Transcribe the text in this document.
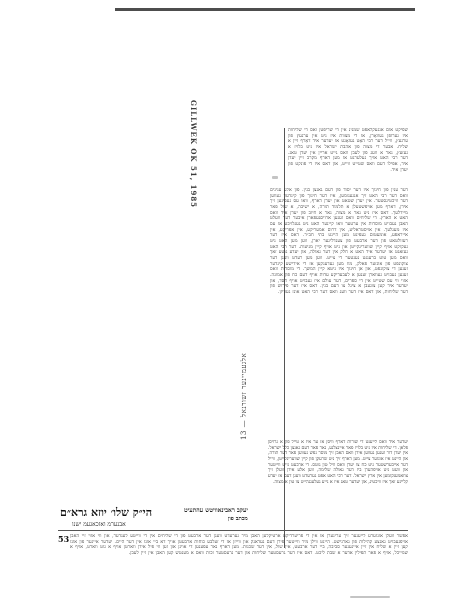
GILLWEK OK 51, 1985	שפיקט אום אנגעקלאפט שמגינ אין די שריפטן ואס די שליחות איז גערופן געוואָרן, אז די מצוות איז ניט אין ערגעץ פון ערגעץ, ווייל דער רבי האָט געזאָגט אז יעדער איד דאַרף זיין א שליח. אבער די מצוה פון אהבת ישראל איז ניט בלויז א געזעץ, נאר א וועג פון לעבן וואס גייט אריין אין יעדן טאג. דער רבי האט אויך געלערנט אז מען דארף מקרב זיין יעדן איד, אפילו דעם וואס שטייט ווייט, און דאס איז די פונקט פון יעדן איד.
13 — אלגעמיינער זשורנאל
דער ענין פון חינוך איז דער יסוד פון דעם גאנצן בנין. פון אלע ענינים וואס דער רבי האט זיך אנגענומען, איז דער חינוך פון קינדער געווען דער וויכטיגסטער. אין יעדן שטאט און יעדן דארף, וואו עס געפינען זיך אידן, דארף מען אויפשטעלן א תלמוד תורה, א ישיבה, א שול פאר מיידלעך. דאס איז ניט נאר א מצוה, נאר א חיוב פון יעדן איד וואס האט א הארץ. די שליחים וואס זענען ארויסגעפארן איבער דער וועלט האבן געבויט מוסדות אין ערטער וואו קיינער האט ניט געגלויבט אז עס איז מעגלעך. אין אויסטראליע, אין דרום אמעריקע, אין אפריקע, אין אייראפע, אומעטום געפינט מען היינט בתי חב״ד. דאס איז דער רעזולטאט פון דער ארבעט פון צענדליגער יארן, ווען מען האט ניט געקוקט אויף קיין שוועריגקייטן און ניט אויף קיין מניעות. דער רבי האט געזאגט אז יעדער איד האט א חלק אין דער גאולה, און יעדע גוטע זאך וואס מען טוט ברענגט נענטער די צייט. ווען מען רעדט וועגן דער צוקונפט פון אונזער פאלק, מוז מען געדענקען אז די אידישע קינדער זענען די צוקונפט, און אן חינוך איז ניטא קיין המשך. די מוסדות וואס זענען געבויט געווארן זענען א לעבעדיקע עדות אויף דעם כח פון אמונה. אזוי ווי עס שטייט אין די ספרים, דער עולם איז געבויט אויף חסד, און יעדער איד קען צוגעבן א ציגל צו דעם בנין. דאס איז דער פירוש פון דער שליחות, און דאס איז דער וועג וואס דער רבי האט אונז געוויזן.
יעדער איד וואס לייענט די שורות דארף וויסן אז ער איז א טייל פון א גרויסן פלאן. די שליחות איז ניט בלויז פאר איינצלנע, נאר פאר דעם גאנצן כלל ישראל. אין יעדן דור זענען געווען אידן וואס האבן זיך מוסר נפש געווען פאר דער תורה, און היינט איז אונזער צייט. מען דארף זיך ניט שרעקן פון קיין שוועריגקייטן, ווייל דער אייבערשטער גיט כח צו יעדן וואס וויל טון גוטס. די ארבעט גייט ווייטער און וועט ניט אויפהערן ביז דער גאולה שלימה, ווען אלע אידן וועלן זיך צוזאמענקומען אין ארץ ישראל. דער רבי האט אפט גערעדט וועגן דעם אז יעדע קליינע זאך איז וויכטיג, און יעדער טאג איז א נייע געלעגנהייט צו טון א מצוה.
הי״ק שלו׳ יוזא גרא״ם
אבנערמ ואזכאגעמ ישנו
מכתב פון
יעקב ראבינאוויטש עהתעיט
53 אפשר וועלן אונזערע לייענער זיך ערינערן אז אין די פריערדיקע ארטיקלען האבן מיר גערעדט וועגן דער ארבעט פון די שליחים אין די ווייטע לענדער, און ווי אזוי זיי האבן אויפגעבויט גאנצע קהילות פון גארנישט. היינט ווילן מיר ווייטער פירן דעם געדאנק און ווייזן אז די זעלבע כוחות ארבעטן אויך דא ביי אונז אין דער היים. יעדער איינער פון אונז קען זיין א שליח אין זיין אייגענער סביבה, ביי דער ארבעט, אין שול, אין דער שכנות. מען דארף נאר עפענען די אויגן און זען ווי פיל אידן ווארטן אויף א גוט ווארט, אויף א שמייכל, אויף א פאר תפילין אדער א שבת ליכט. דאס איז דער גרעסטער שליחות און דער גרעסטער זכות וואס א מענטש קען האבן אין זיין לעבן.
